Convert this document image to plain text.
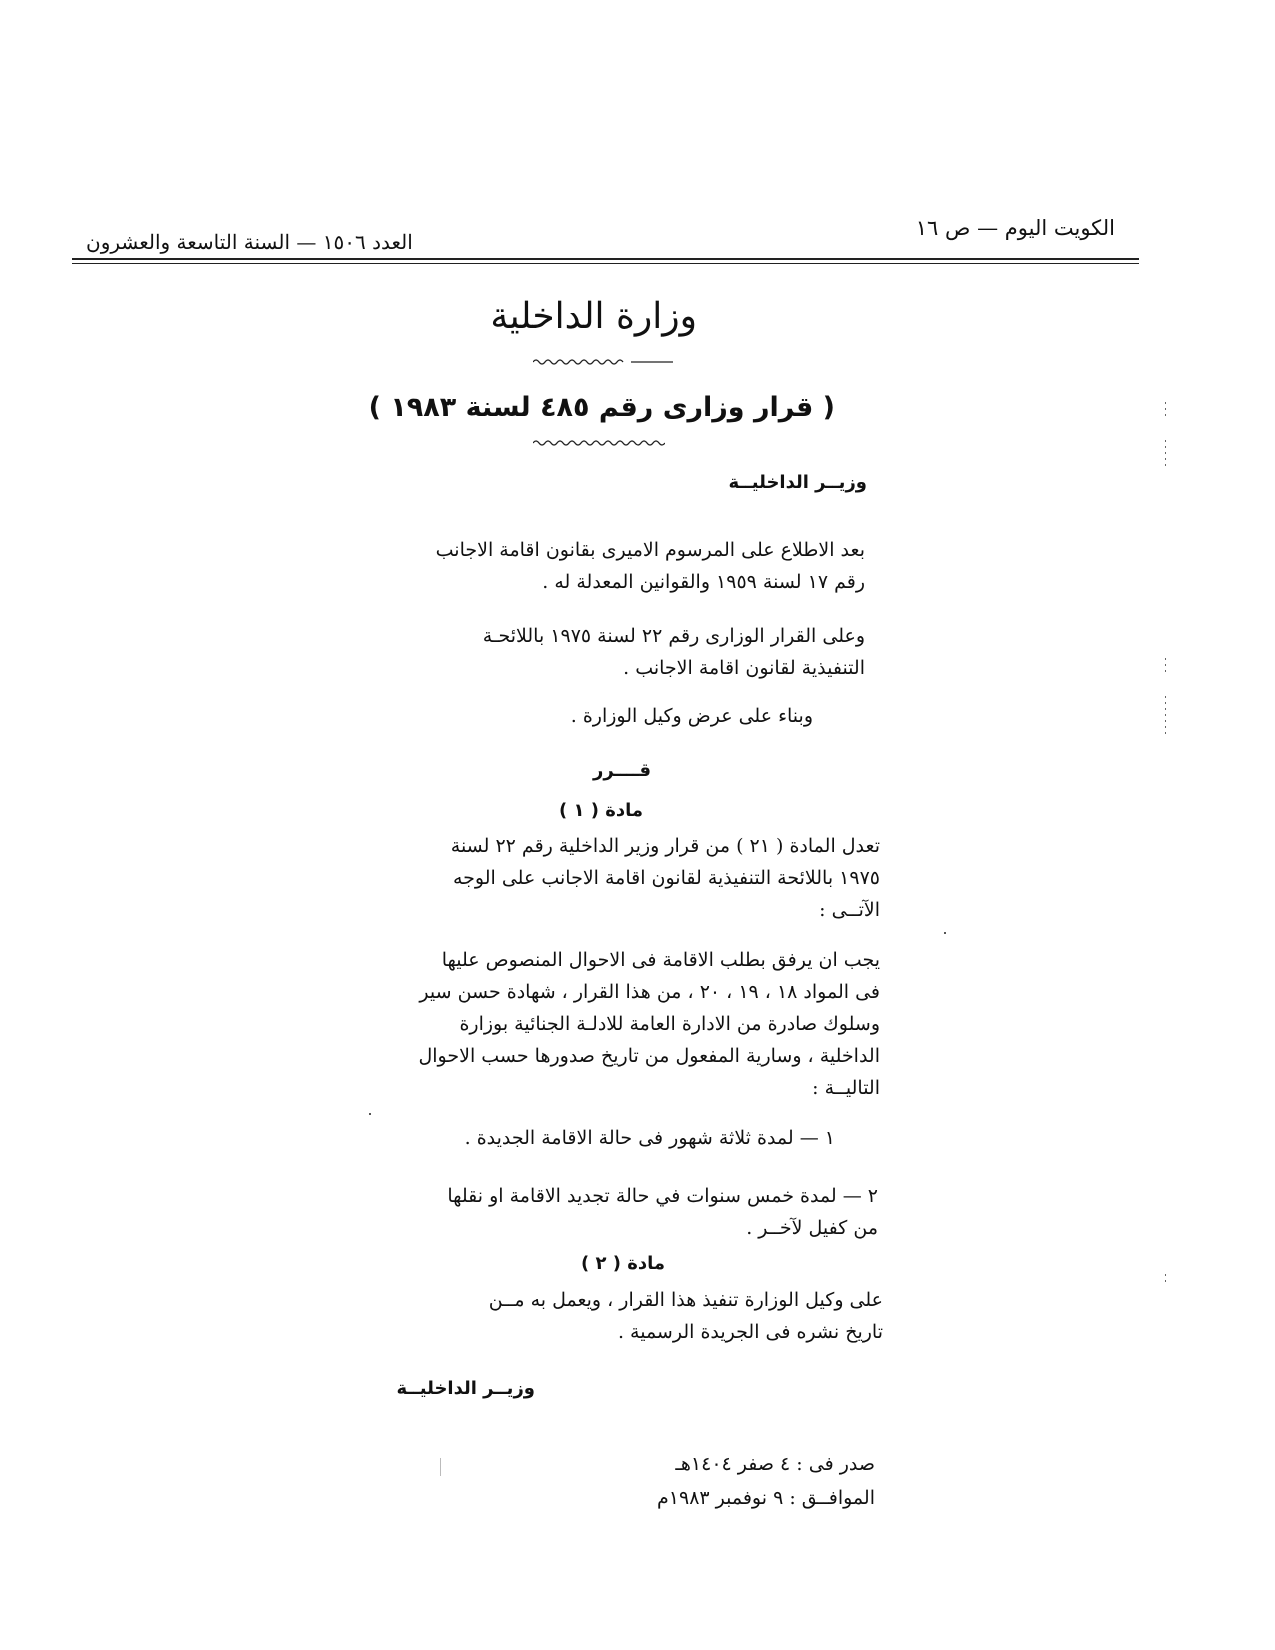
الكويت اليوم — ص ١٦
العدد ١٥٠٦ — السنة التاسعة والعشرون
وزارة الداخلية
( قرار وزارى رقم ٤٨٥ لسنة ١٩٨٣ )
وزيــر الداخليــة
بعد الاطلاع على المرسوم الاميرى بقانون اقامة الاجانب
رقم ١٧ لسنة ١٩٥٩ والقوانين المعدلة له .
وعلى القرار الوزارى رقم ٢٢ لسنة ١٩٧٥ باللائحـة
التنفيذية لقانون اقامة الاجانب .
وبناء على عرض وكيل الوزارة .
قــــرر
مادة ( ١ )
تعدل المادة ( ٢١ ) من قرار وزير الداخلية رقم ٢٢ لسنة
١٩٧٥ باللائحة التنفيذية لقانون اقامة الاجانب على الوجه
الآتــى :
يجب ان يرفق بطلب الاقامة فى الاحوال المنصوص عليها
فى المواد ١٨ ، ١٩ ، ٢٠ ، من هذا القرار ، شهادة حسن سير
وسلوك صادرة من الادارة العامة للادلـة الجنائية بوزارة
الداخلية ، وسارية المفعول من تاريخ صدورها حسب الاحوال
التاليــة :
١ — لمدة ثلاثة شهور فى حالة الاقامة الجديدة .
٢ — لمدة خمس سنوات في حالة تجديد الاقامة او نقلها
من كفيل لآخــر .
مادة ( ٢ )
على وكيل الوزارة تنفيذ هذا القرار ، ويعمل به مــن
تاريخ نشره فى الجريدة الرسمية .
وزيــر الداخليــة
صدر فى : ٤ صفر ١٤٠٤هـ
الموافــق : ٩ نوفمبر ١٩٨٣م
